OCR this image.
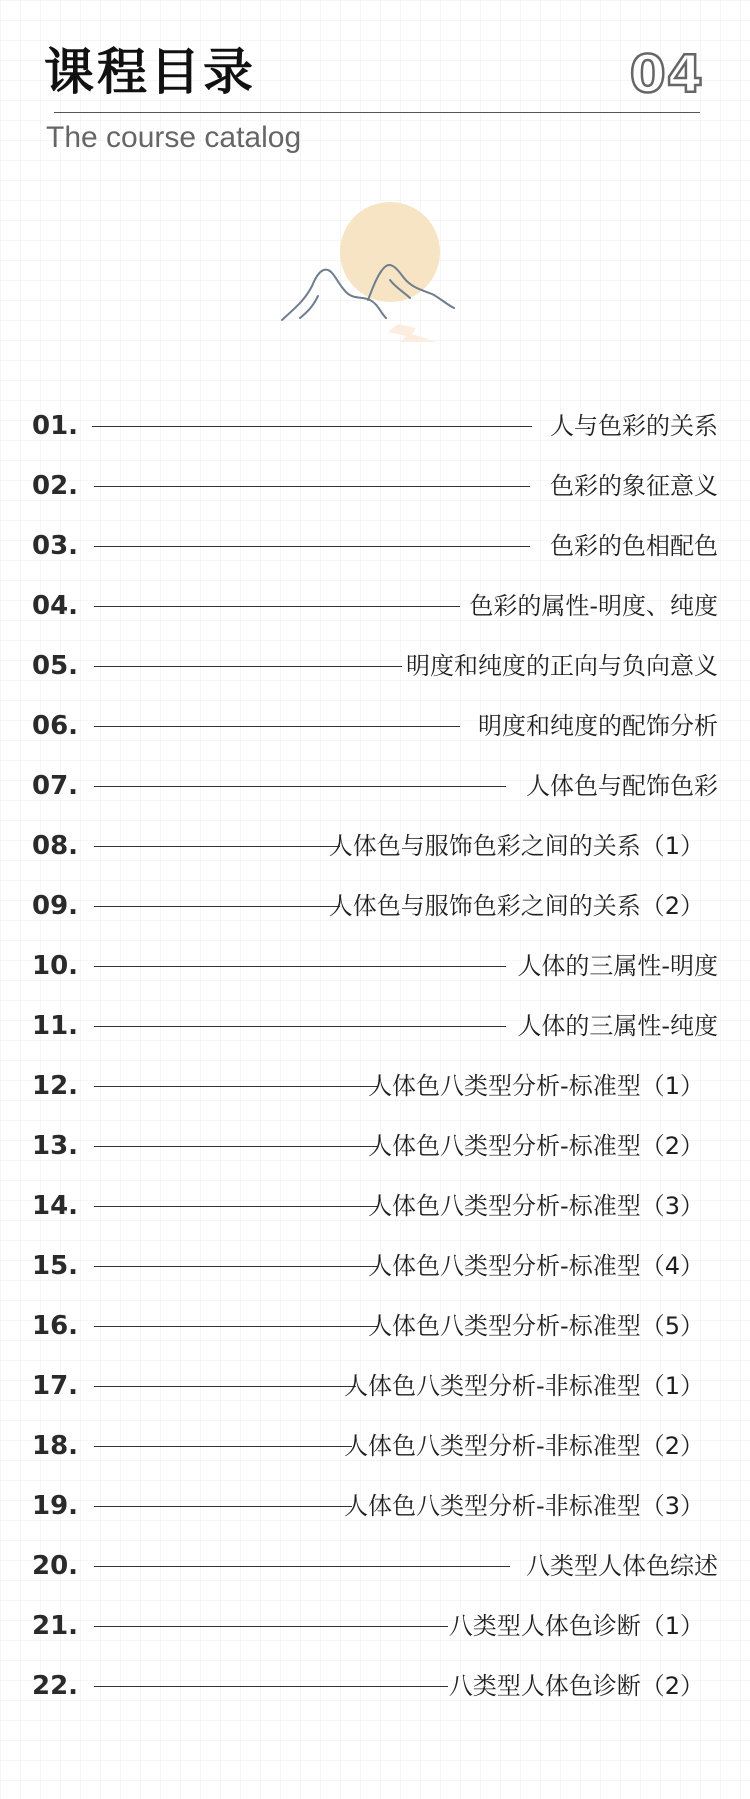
课程目录	04
The course catalog
01.	人与色彩的关系
02.	色彩的象征意义
03.	色彩的色相配色
04.	色彩的属性-明度、纯度
05.	明度和纯度的正向与负向意义
06.	明度和纯度的配饰分析
07.	人体色与配饰色彩
08.	人体色与服饰色彩之间的关系（1）
09.	人体色与服饰色彩之间的关系（2）
10.	人体的三属性-明度
11.	人体的三属性-纯度
12.	人体色八类型分析-标准型（1）
13.	人体色八类型分析-标准型（2）
14.	人体色八类型分析-标准型（3）
15.	人体色八类型分析-标准型（4）
16.	人体色八类型分析-标准型（5）
17.	人体色八类型分析-非标准型（1）
18.	人体色八类型分析-非标准型（2）
19.	人体色八类型分析-非标准型（3）
20.	八类型人体色综述
21.	八类型人体色诊断（1）
22.	八类型人体色诊断（2）
